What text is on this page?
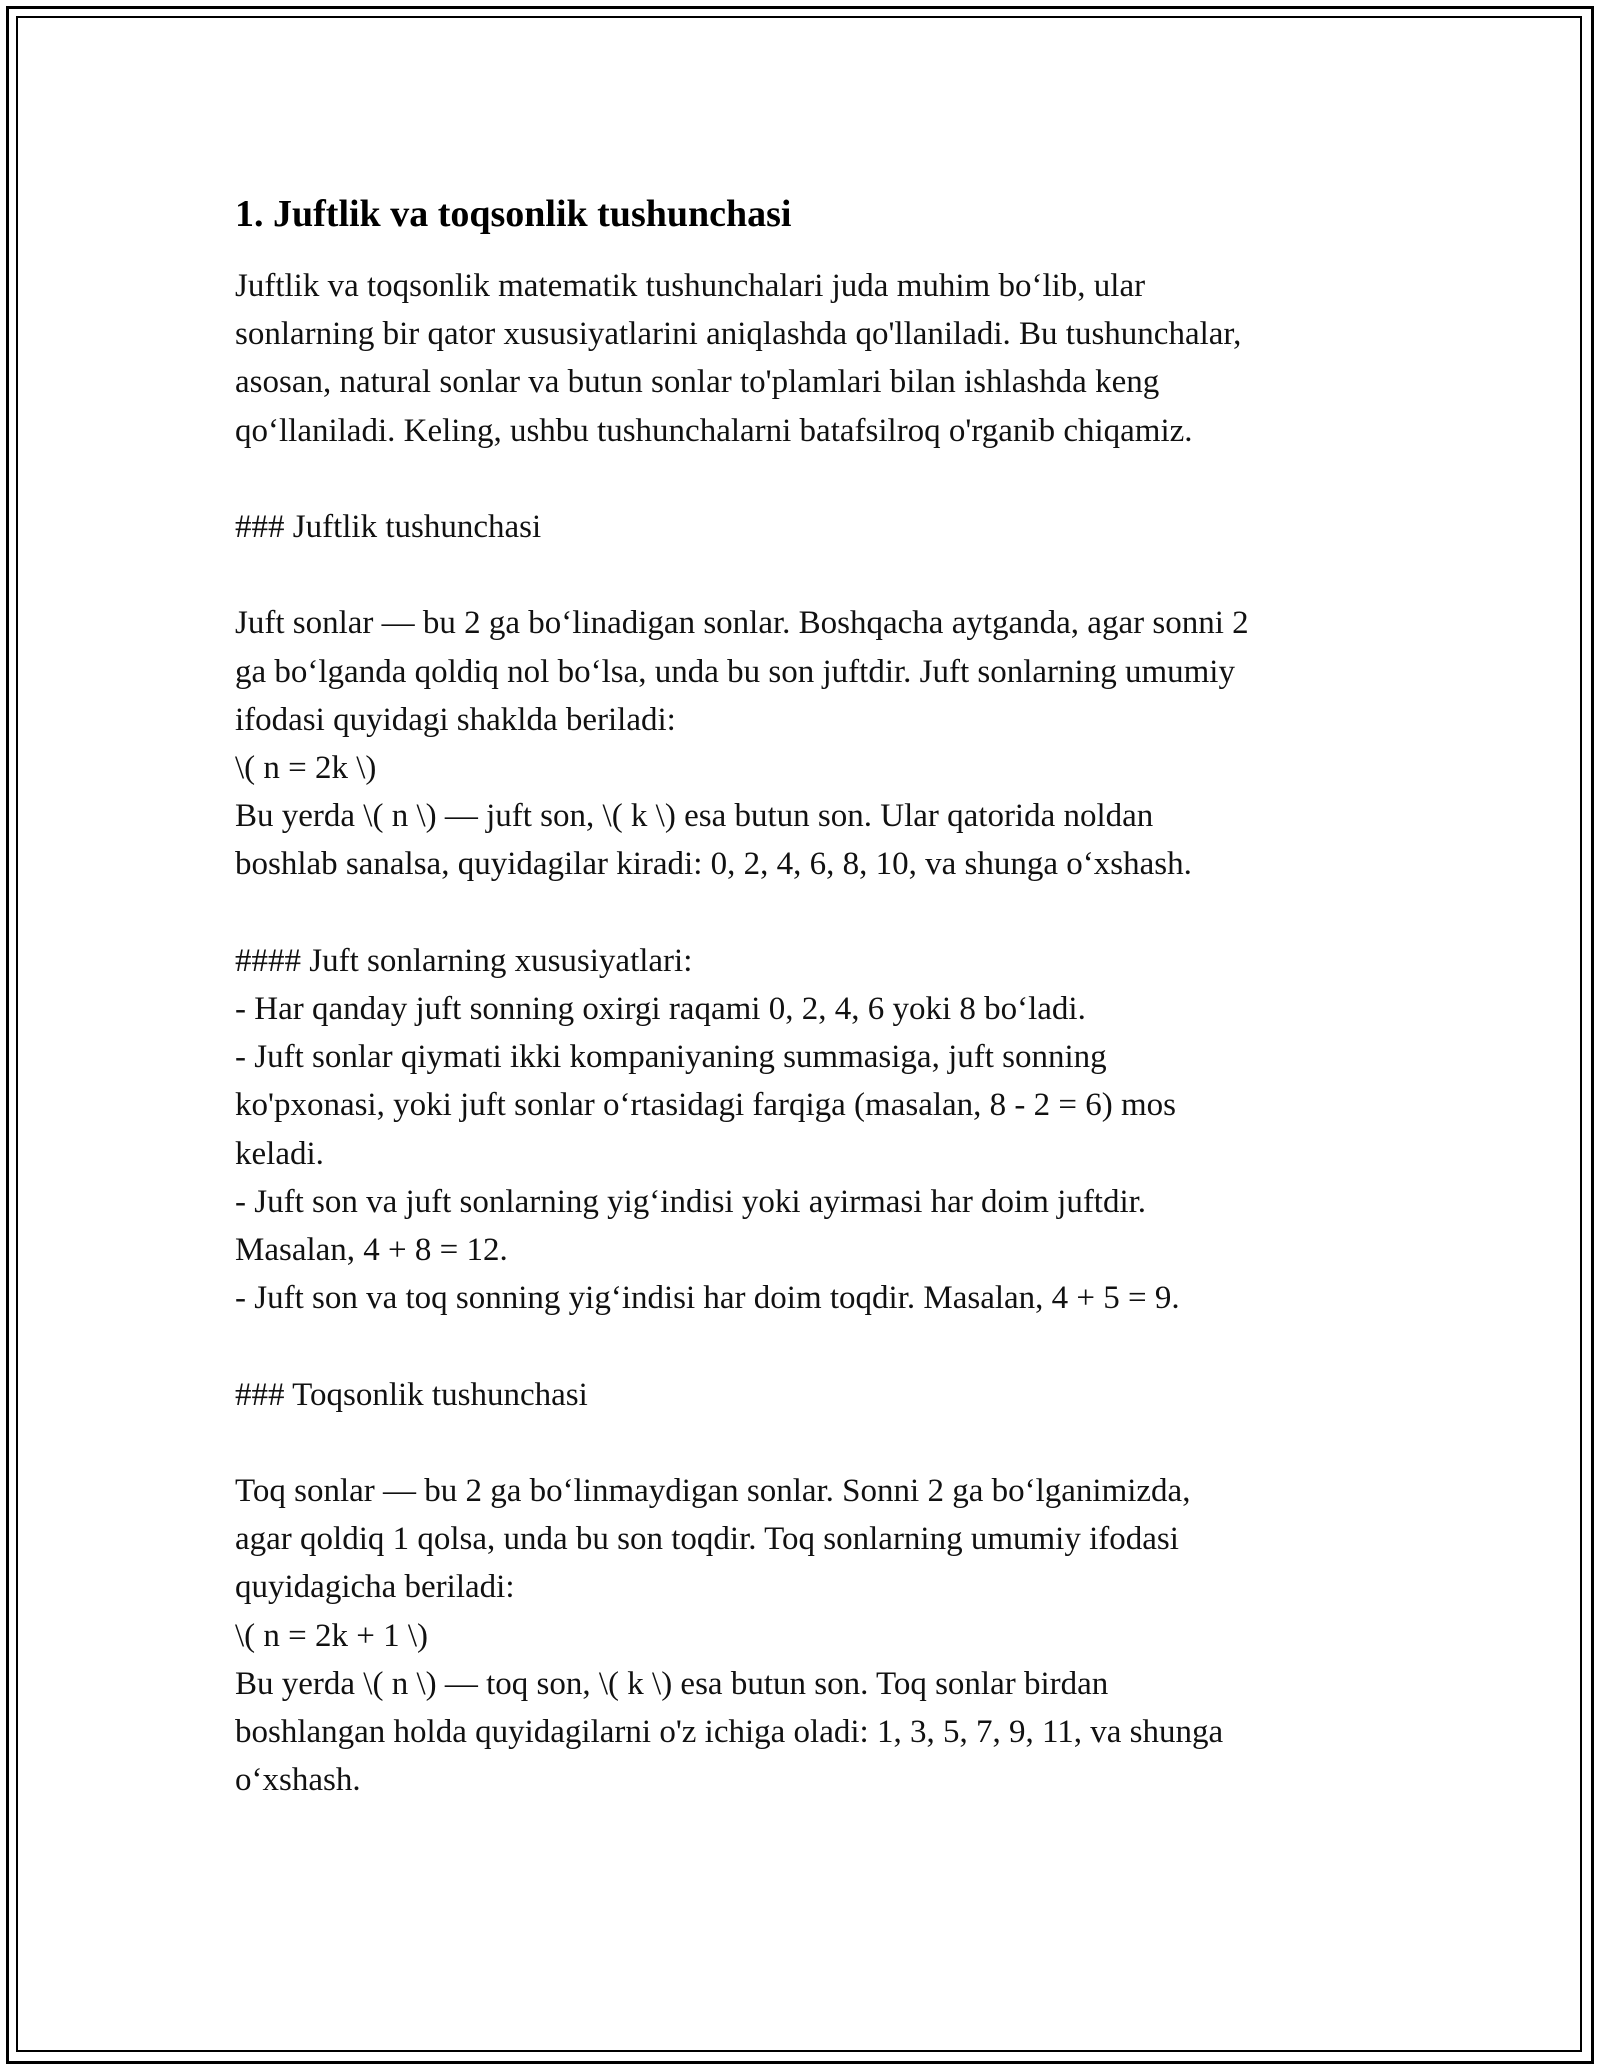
1. Juftlik va toqsonlik tushunchasi
Juftlik va toqsonlik matematik tushunchalari juda muhim bo‘lib, ular
sonlarning bir qator xususiyatlarini aniqlashda qo'llaniladi. Bu tushunchalar,
asosan, natural sonlar va butun sonlar to'plamlari bilan ishlashda keng
qo‘llaniladi. Keling, ushbu tushunchalarni batafsilroq o'rganib chiqamiz.
### Juftlik tushunchasi
Juft sonlar — bu 2 ga bo‘linadigan sonlar. Boshqacha aytganda, agar sonni 2
ga bo‘lganda qoldiq nol bo‘lsa, unda bu son juftdir. Juft sonlarning umumiy
ifodasi quyidagi shaklda beriladi:
\( n = 2k \)
Bu yerda \( n \) — juft son, \( k \) esa butun son. Ular qatorida noldan
boshlab sanalsa, quyidagilar kiradi: 0, 2, 4, 6, 8, 10, va shunga o‘xshash.
#### Juft sonlarning xususiyatlari:
- Har qanday juft sonning oxirgi raqami 0, 2, 4, 6 yoki 8 bo‘ladi.
- Juft sonlar qiymati ikki kompaniyaning summasiga, juft sonning
ko'pxonasi, yoki juft sonlar o‘rtasidagi farqiga (masalan, 8 - 2 = 6) mos
keladi.
- Juft son va juft sonlarning yig‘indisi yoki ayirmasi har doim juftdir.
Masalan, 4 + 8 = 12.
- Juft son va toq sonning yig‘indisi har doim toqdir. Masalan, 4 + 5 = 9.
### Toqsonlik tushunchasi
Toq sonlar — bu 2 ga bo‘linmaydigan sonlar. Sonni 2 ga bo‘lganimizda,
agar qoldiq 1 qolsa, unda bu son toqdir. Toq sonlarning umumiy ifodasi
quyidagicha beriladi:
\( n = 2k + 1 \)
Bu yerda \( n \) — toq son, \( k \) esa butun son. Toq sonlar birdan
boshlangan holda quyidagilarni o'z ichiga oladi: 1, 3, 5, 7, 9, 11, va shunga
o‘xshash.
